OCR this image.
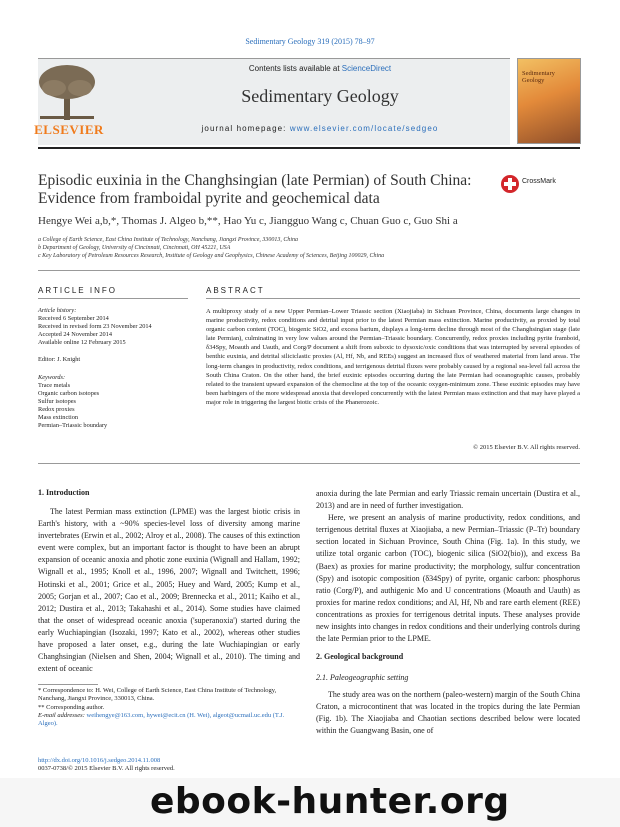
Sedimentary Geology 319 (2015) 78–97
ELSEVIER
Contents lists available at ScienceDirect
Sedimentary Geology
journal homepage: www.elsevier.com/locate/sedgeo
Sedimentary Geology
Episodic euxinia in the Changhsingian (late Permian) of South China: Evidence from framboidal pyrite and geochemical data
CrossMark
Hengye Wei a,b,*, Thomas J. Algeo b,**, Hao Yu c, Jiangguo Wang c, Chuan Guo c, Guo Shi a
a College of Earth Science, East China Institute of Technology, Nanchang, Jiangxi Province, 330013, China
b Department of Geology, University of Cincinnati, Cincinnati, OH 45221, USA
c Key Laboratory of Petroleum Resources Research, Institute of Geology and Geophysics, Chinese Academy of Sciences, Beijing 100029, China
ARTICLE INFO	ABSTRACT
Article history:
Received 6 September 2014
Received in revised form 23 November 2014
Accepted 24 November 2014
Available online 12 February 2015
Editor: J. Knight
Keywords:
Trace metals
Organic carbon isotopes
Sulfur isotopes
Redox proxies
Mass extinction
Permian–Triassic boundary
A multiproxy study of a new Upper Permian–Lower Triassic section (Xiaojiaba) in Sichuan Province, China, documents large changes in marine productivity, redox conditions and detrital input prior to the latest Permian mass extinction. Marine productivity, as proxied by total organic carbon content (TOC), biogenic SiO2, and excess barium, displays a long-term decline through most of the Changhsingian stage (late late Permian), culminating in very low values around the Permian–Triassic boundary. Concurrently, redox proxies including pyrite framboid, δ34Spy, Moauth and Uauth, and Corg/P document a shift from suboxic to dysoxic/oxic conditions that was interrupted by several episodes of benthic euxinia, and detrital siliciclastic proxies (Al, Hf, Nb, and REEs) suggest an increased flux of weathered material from land areas. The long-term changes in productivity, redox conditions, and terrigenous detrital fluxes were probably caused by a regional sea-level fall across the South China Craton. On the other hand, the brief euxinic episodes occurring during the late Permian had oceanographic causes, probably related to the transient upward expansion of the chemocline at the top of the oceanic oxygen-minimum zone. These euxinic episodes may have been harbingers of the more widespread anoxia that developed concurrently with the latest Permian mass extinction and that may have played a major role in triggering the largest biotic crisis of the Phanerozoic.
© 2015 Elsevier B.V. All rights reserved.
1. Introduction

The latest Permian mass extinction (LPME) was the largest biotic crisis in Earth's history, with a ~90% species-level loss of diversity among marine invertebrates (Erwin et al., 2002; Alroy et al., 2008). The causes of this extinction event were complex, but an important factor is thought to have been an abrupt expansion of oceanic anoxia and photic zone euxinia (Wignall and Hallam, 1992; Wignall et al., 1995; Knoll et al., 1996, 2007; Wignall and Twitchett, 1996; Hotinski et al., 2001; Grice et al., 2005; Huey and Ward, 2005; Kump et al., 2005; Gorjan et al., 2007; Cao et al., 2009; Brennecka et al., 2011; Kaiho et al., 2012; Dustira et al., 2013; Takahashi et al., 2014). Some studies have claimed that the onset of widespread oceanic anoxia ('superanoxia') started during the early Wuchiapingian (Isozaki, 1997; Kato et al., 2002), whereas other studies have proposed a later onset, e.g., during the late Wuchiapingian or early Changhsingian (Nielsen and Shen, 2004; Wignall et al., 2010). The timing and extent of oceanic

anoxia during the late Permian and early Triassic remain uncertain (Dustira et al., 2013) and are in need of further investigation.

Here, we present an analysis of marine productivity, redox conditions, and terrigenous detrital fluxes at Xiaojiaba, a new Permian–Triassic (P–Tr) boundary section located in Sichuan Province, South China (Fig. 1a). In this study, we utilize total organic carbon (TOC), biogenic silica (SiO2(bio)), and excess Ba (Baex) as proxies for marine productivity; the morphology, sulfur concentration (Spy) and isotopic composition (δ34Spy) of pyrite, organic carbon: phosphorus ratio (Corg/P), and authigenic Mo and U concentrations (Moauth and Uauth) as proxies for marine redox conditions; and Al, Hf, Nb and rare earth element (REE) concentrations as proxies for terrigenous detrital inputs. These analyses provide new insights into changes in redox conditions and their underlying controls during the late Permian prior to the LPME.

2. Geological background
2.1. Paleogeographic setting

The study area was on the northern (paleo-western) margin of the South China Craton, a microcontinent that was located in the tropics during the late Permian (Fig. 1b). The Xiaojiaba and Chaotian sections described below were located within the Guangwang Basin, one of

* Correspondence to: H. Wei, College of Earth Science, East China Institute of Technology, Nanchang, Jiangxi Province, 330013, China.
** Corresponding author.
E-mail addresses: weihengye@163.com, hywei@ecit.cn (H. Wei), algeot@ucmail.uc.edu (T.J. Algeo).
http://dx.doi.org/10.1016/j.sedgeo.2014.11.008
0037-0738/© 2015 Elsevier B.V. All rights reserved.
ebook-hunter.org
